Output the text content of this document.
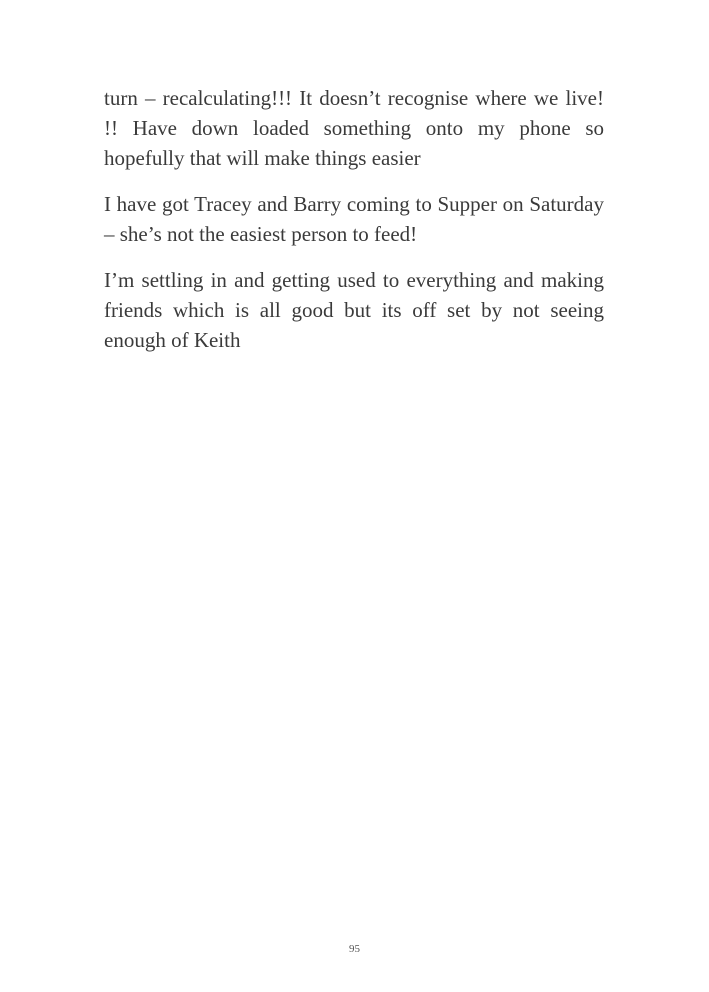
turn – recalculating!!! It doesn’t recognise where we live! !! Have down loaded something onto my phone so hopefully that will make things easier

I have got Tracey and Barry coming to Supper on Saturday – she’s not the easiest person to feed!

I’m settling in and getting used to everything and making friends which is all good but its off set by not seeing enough of Keith

95
